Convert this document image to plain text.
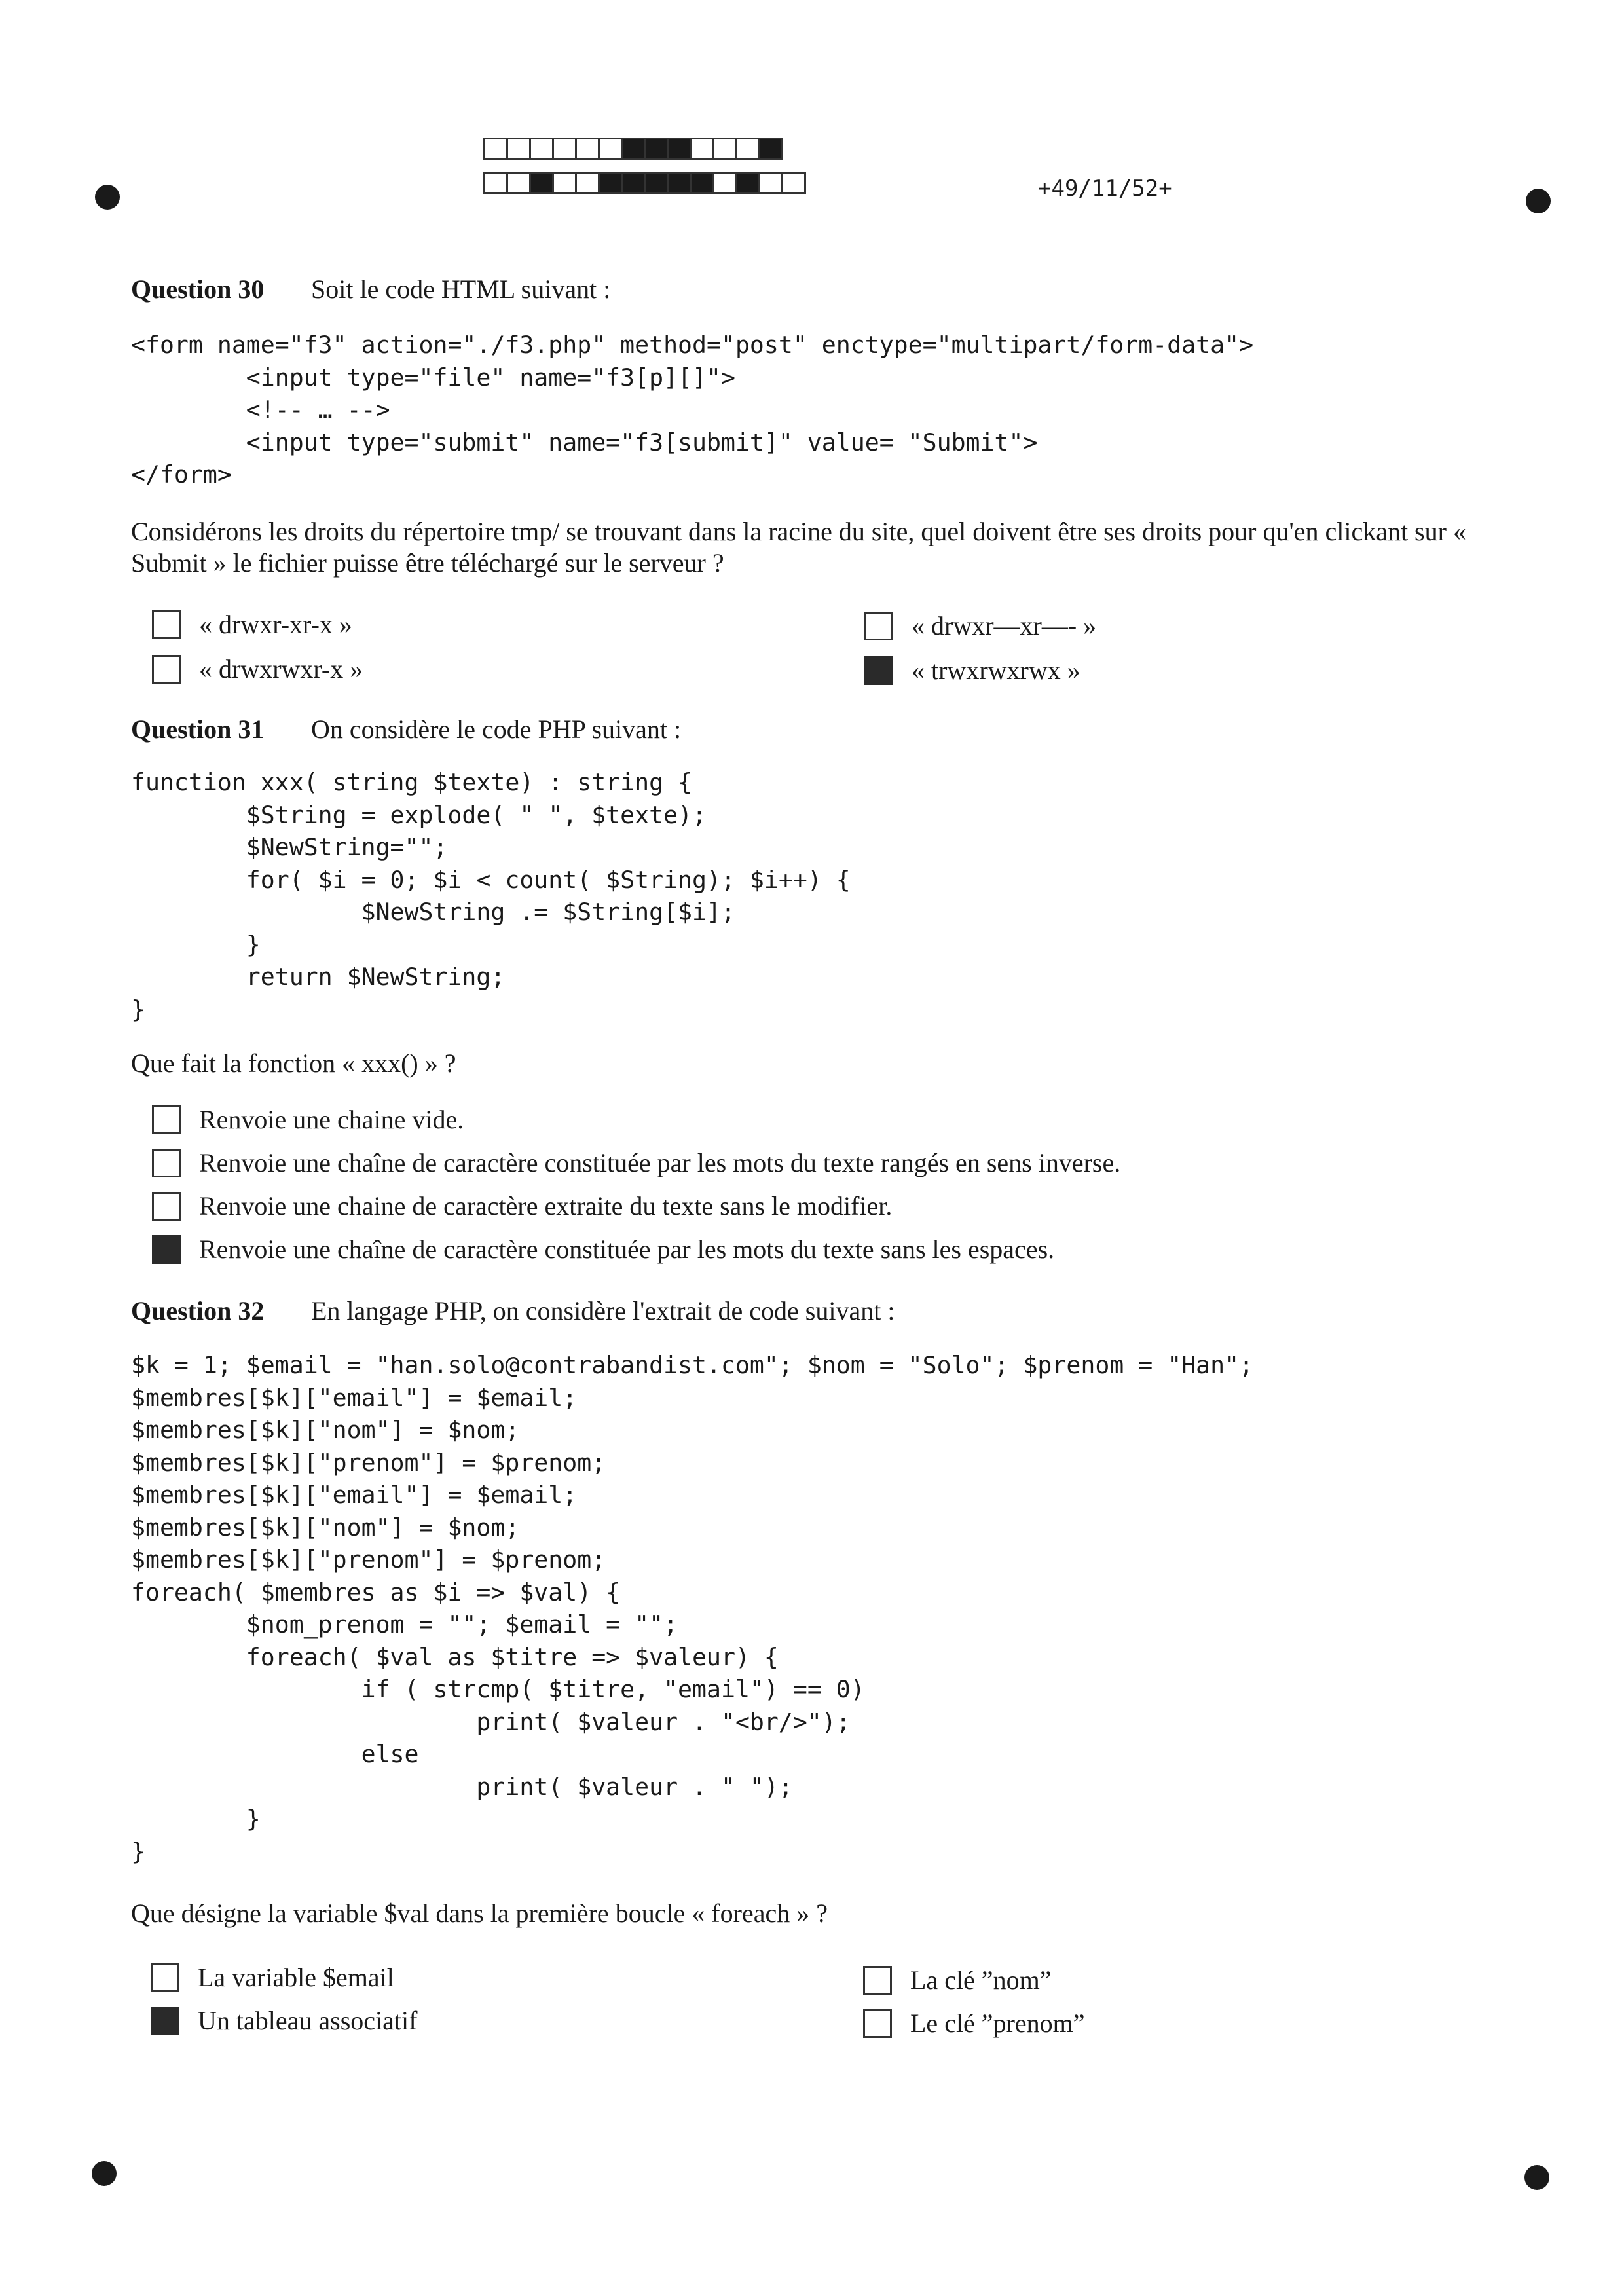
+49/11/52+
Question 30 Soit le code HTML suivant :
<form name="f3" action="./f3.php" method="post" enctype="multipart/form-data">
<input type="file" name="f3[p][]">
<!-- … -->
<input type="submit" name="f3[submit]" value= "Submit">
</form>
Considérons les droits du répertoire tmp/ se trouvant dans la racine du site, quel doivent être ses droits pour qu'en clickant sur « Submit » le fichier puisse être téléchargé sur le serveur ?
« drwxr-xr-x »
« drwxrwxr-x »
« drwxr—xr—- »
« trwxrwxrwx »
Question 31 On considère le code PHP suivant :
function xxx( string $texte) : string {
$String = explode( " ", $texte);
$NewString="";
for( $i = 0; $i < count( $String); $i++) {
$NewString .= $String[$i];
}
return $NewString;
}
Que fait la fonction « xxx() » ?
Renvoie une chaine vide.
Renvoie une chaîne de caractère constituée par les mots du texte rangés en sens inverse.
Renvoie une chaine de caractère extraite du texte sans le modifier.
Renvoie une chaîne de caractère constituée par les mots du texte sans les espaces.
Question 32 En langage PHP, on considère l'extrait de code suivant :
$k = 1; $email = "han.solo@contrabandist.com"; $nom = "Solo"; $prenom = "Han";
$membres[$k]["email"] = $email;
$membres[$k]["nom"] = $nom;
$membres[$k]["prenom"] = $prenom;
$membres[$k]["email"] = $email;
$membres[$k]["nom"] = $nom;
$membres[$k]["prenom"] = $prenom;
foreach( $membres as $i => $val) {
$nom_prenom = ""; $email = "";
foreach( $val as $titre => $valeur) {
if ( strcmp( $titre, "email") == 0)
print( $valeur . "<br/>");
else
print( $valeur . " ");
}
}
Que désigne la variable $val dans la première boucle « foreach » ?
La variable $email
Un tableau associatif
La clé ”nom”
Le clé ”prenom”
